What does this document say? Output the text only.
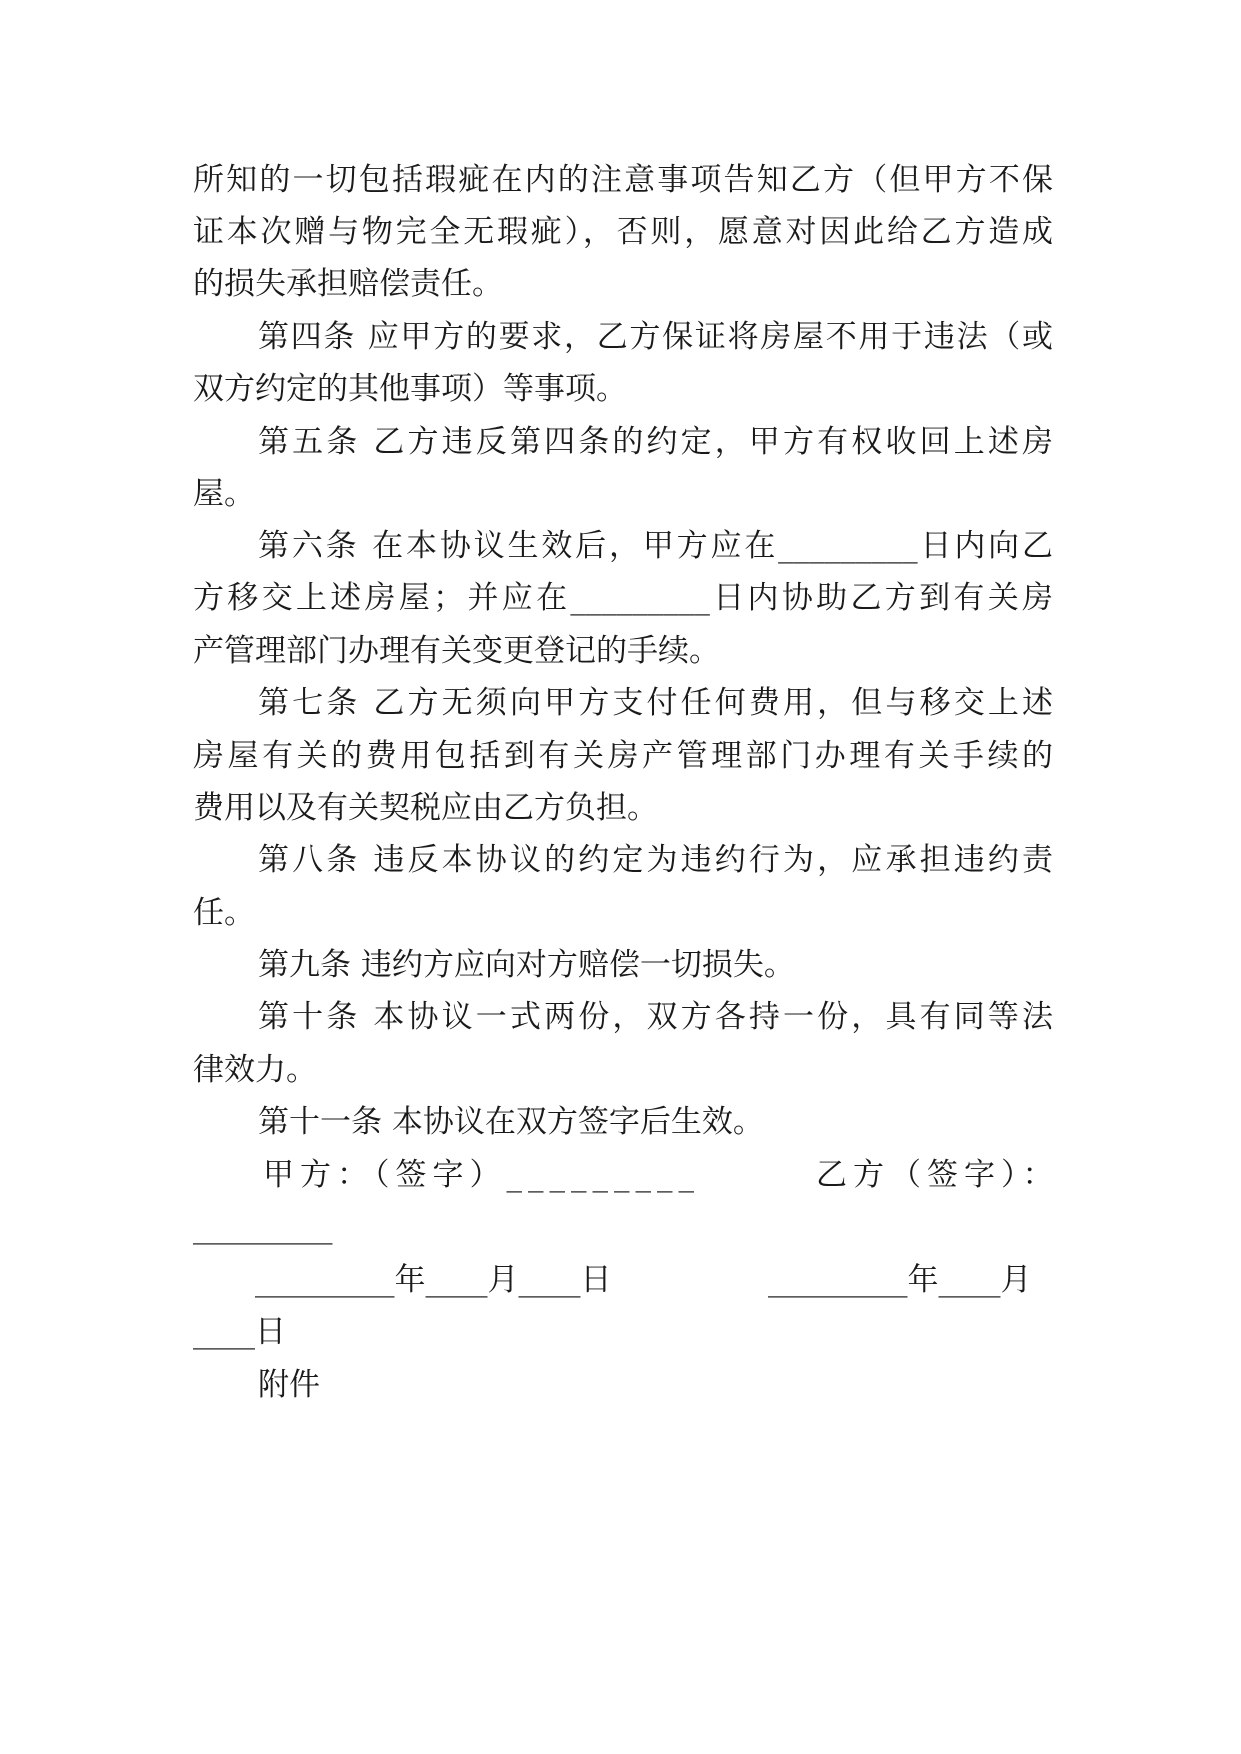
所知的一切包括瑕疵在内的注意事项告知乙方（但甲方不保
证本次赠与物完全无瑕疵），否则，愿意对因此给乙方造成
的损失承担赔偿责任。
第四条 应甲方的要求，乙方保证将房屋不用于违法（或
双方约定的其他事项）等事项。
第五条 乙方违反第四条的约定，甲方有权收回上述房
屋。
第六条 在本协议生效后，甲方应在_________日内向乙
方移交上述房屋；并应在_________日内协助乙方到有关房
产管理部门办理有关变更登记的手续。
第七条 乙方无须向甲方支付任何费用，但与移交上述
房屋有关的费用包括到有关房产管理部门办理有关手续的
费用以及有关契税应由乙方负担。
第八条 违反本协议的约定为违约行为，应承担违约责
任。
第九条 违约方应向对方赔偿一切损失。
第十条 本协议一式两份，双方各持一份，具有同等法
律效力。
第十一条 本协议在双方签字后生效。
甲方：（签字）_________	乙方（签字）：
_________
_________年____月____日	_________年____月
____日
附件
